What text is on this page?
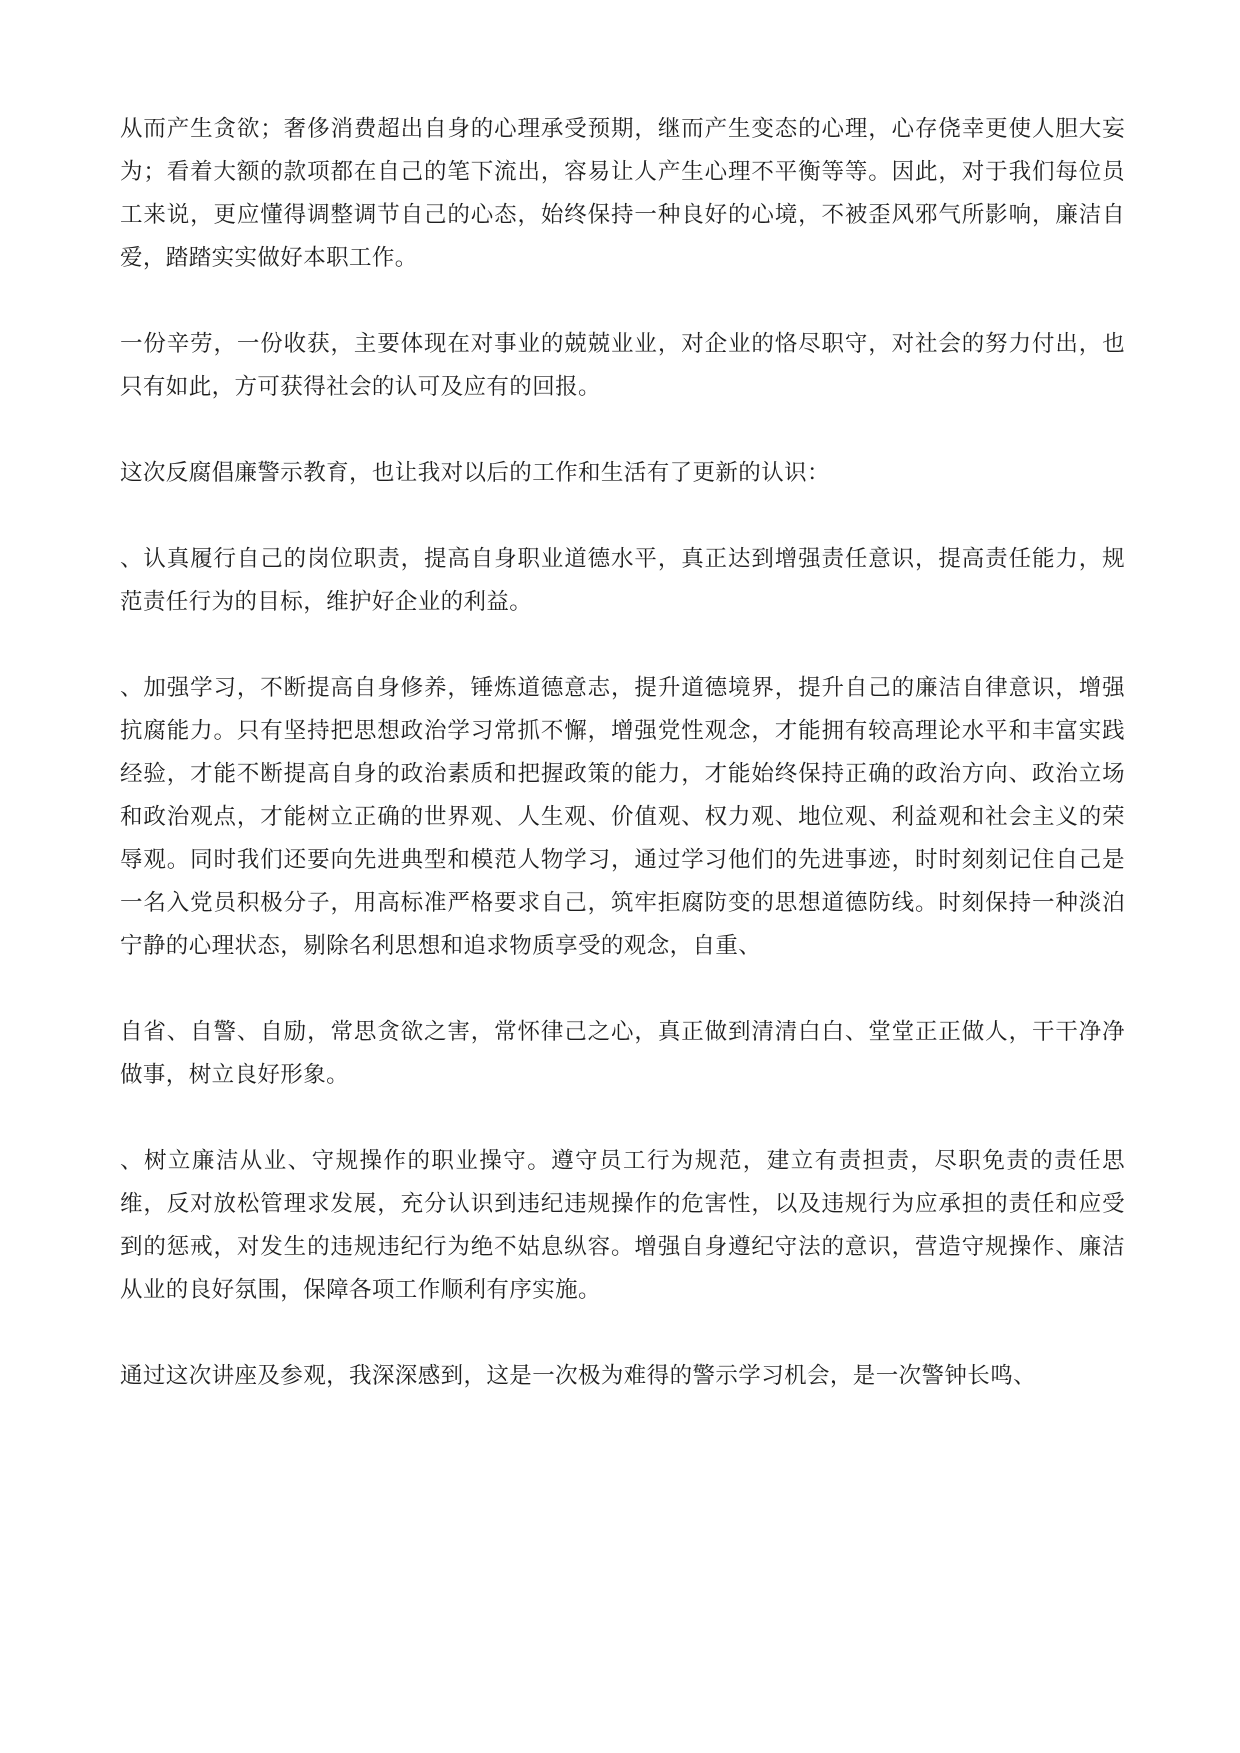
从而产生贪欲；奢侈消费超出自身的心理承受预期，继而产生变态的心理，心存侥幸更使人胆大妄为；看着大额的款项都在自己的笔下流出，容易让人产生心理不平衡等等。因此，对于我们每位员工来说，更应懂得调整调节自己的心态，始终保持一种良好的心境，不被歪风邪气所影响，廉洁自爱，踏踏实实做好本职工作。

一份辛劳，一份收获，主要体现在对事业的兢兢业业，对企业的恪尽职守，对社会的努力付出，也只有如此，方可获得社会的认可及应有的回报。

这次反腐倡廉警示教育，也让我对以后的工作和生活有了更新的认识：

、认真履行自己的岗位职责，提高自身职业道德水平，真正达到增强责任意识，提高责任能力，规范责任行为的目标，维护好企业的利益。

、加强学习，不断提高自身修养，锤炼道德意志，提升道德境界，提升自己的廉洁自律意识，增强抗腐能力。只有坚持把思想政治学习常抓不懈，增强党性观念，才能拥有较高理论水平和丰富实践经验，才能不断提高自身的政治素质和把握政策的能力，才能始终保持正确的政治方向、政治立场和政治观点，才能树立正确的世界观、人生观、价值观、权力观、地位观、利益观和社会主义的荣辱观。同时我们还要向先进典型和模范人物学习，通过学习他们的先进事迹，时时刻刻记住自己是一名入党员积极分子，用高标准严格要求自己，筑牢拒腐防变的思想道德防线。时刻保持一种淡泊宁静的心理状态，剔除名利思想和追求物质享受的观念，自重、

自省、自警、自励，常思贪欲之害，常怀律己之心，真正做到清清白白、堂堂正正做人，干干净净做事，树立良好形象。

、树立廉洁从业、守规操作的职业操守。遵守员工行为规范，建立有责担责，尽职免责的责任思维，反对放松管理求发展，充分认识到违纪违规操作的危害性，以及违规行为应承担的责任和应受到的惩戒，对发生的违规违纪行为绝不姑息纵容。增强自身遵纪守法的意识，营造守规操作、廉洁从业的良好氛围，保障各项工作顺利有序实施。

通过这次讲座及参观，我深深感到，这是一次极为难得的警示学习机会，是一次警钟长鸣、
